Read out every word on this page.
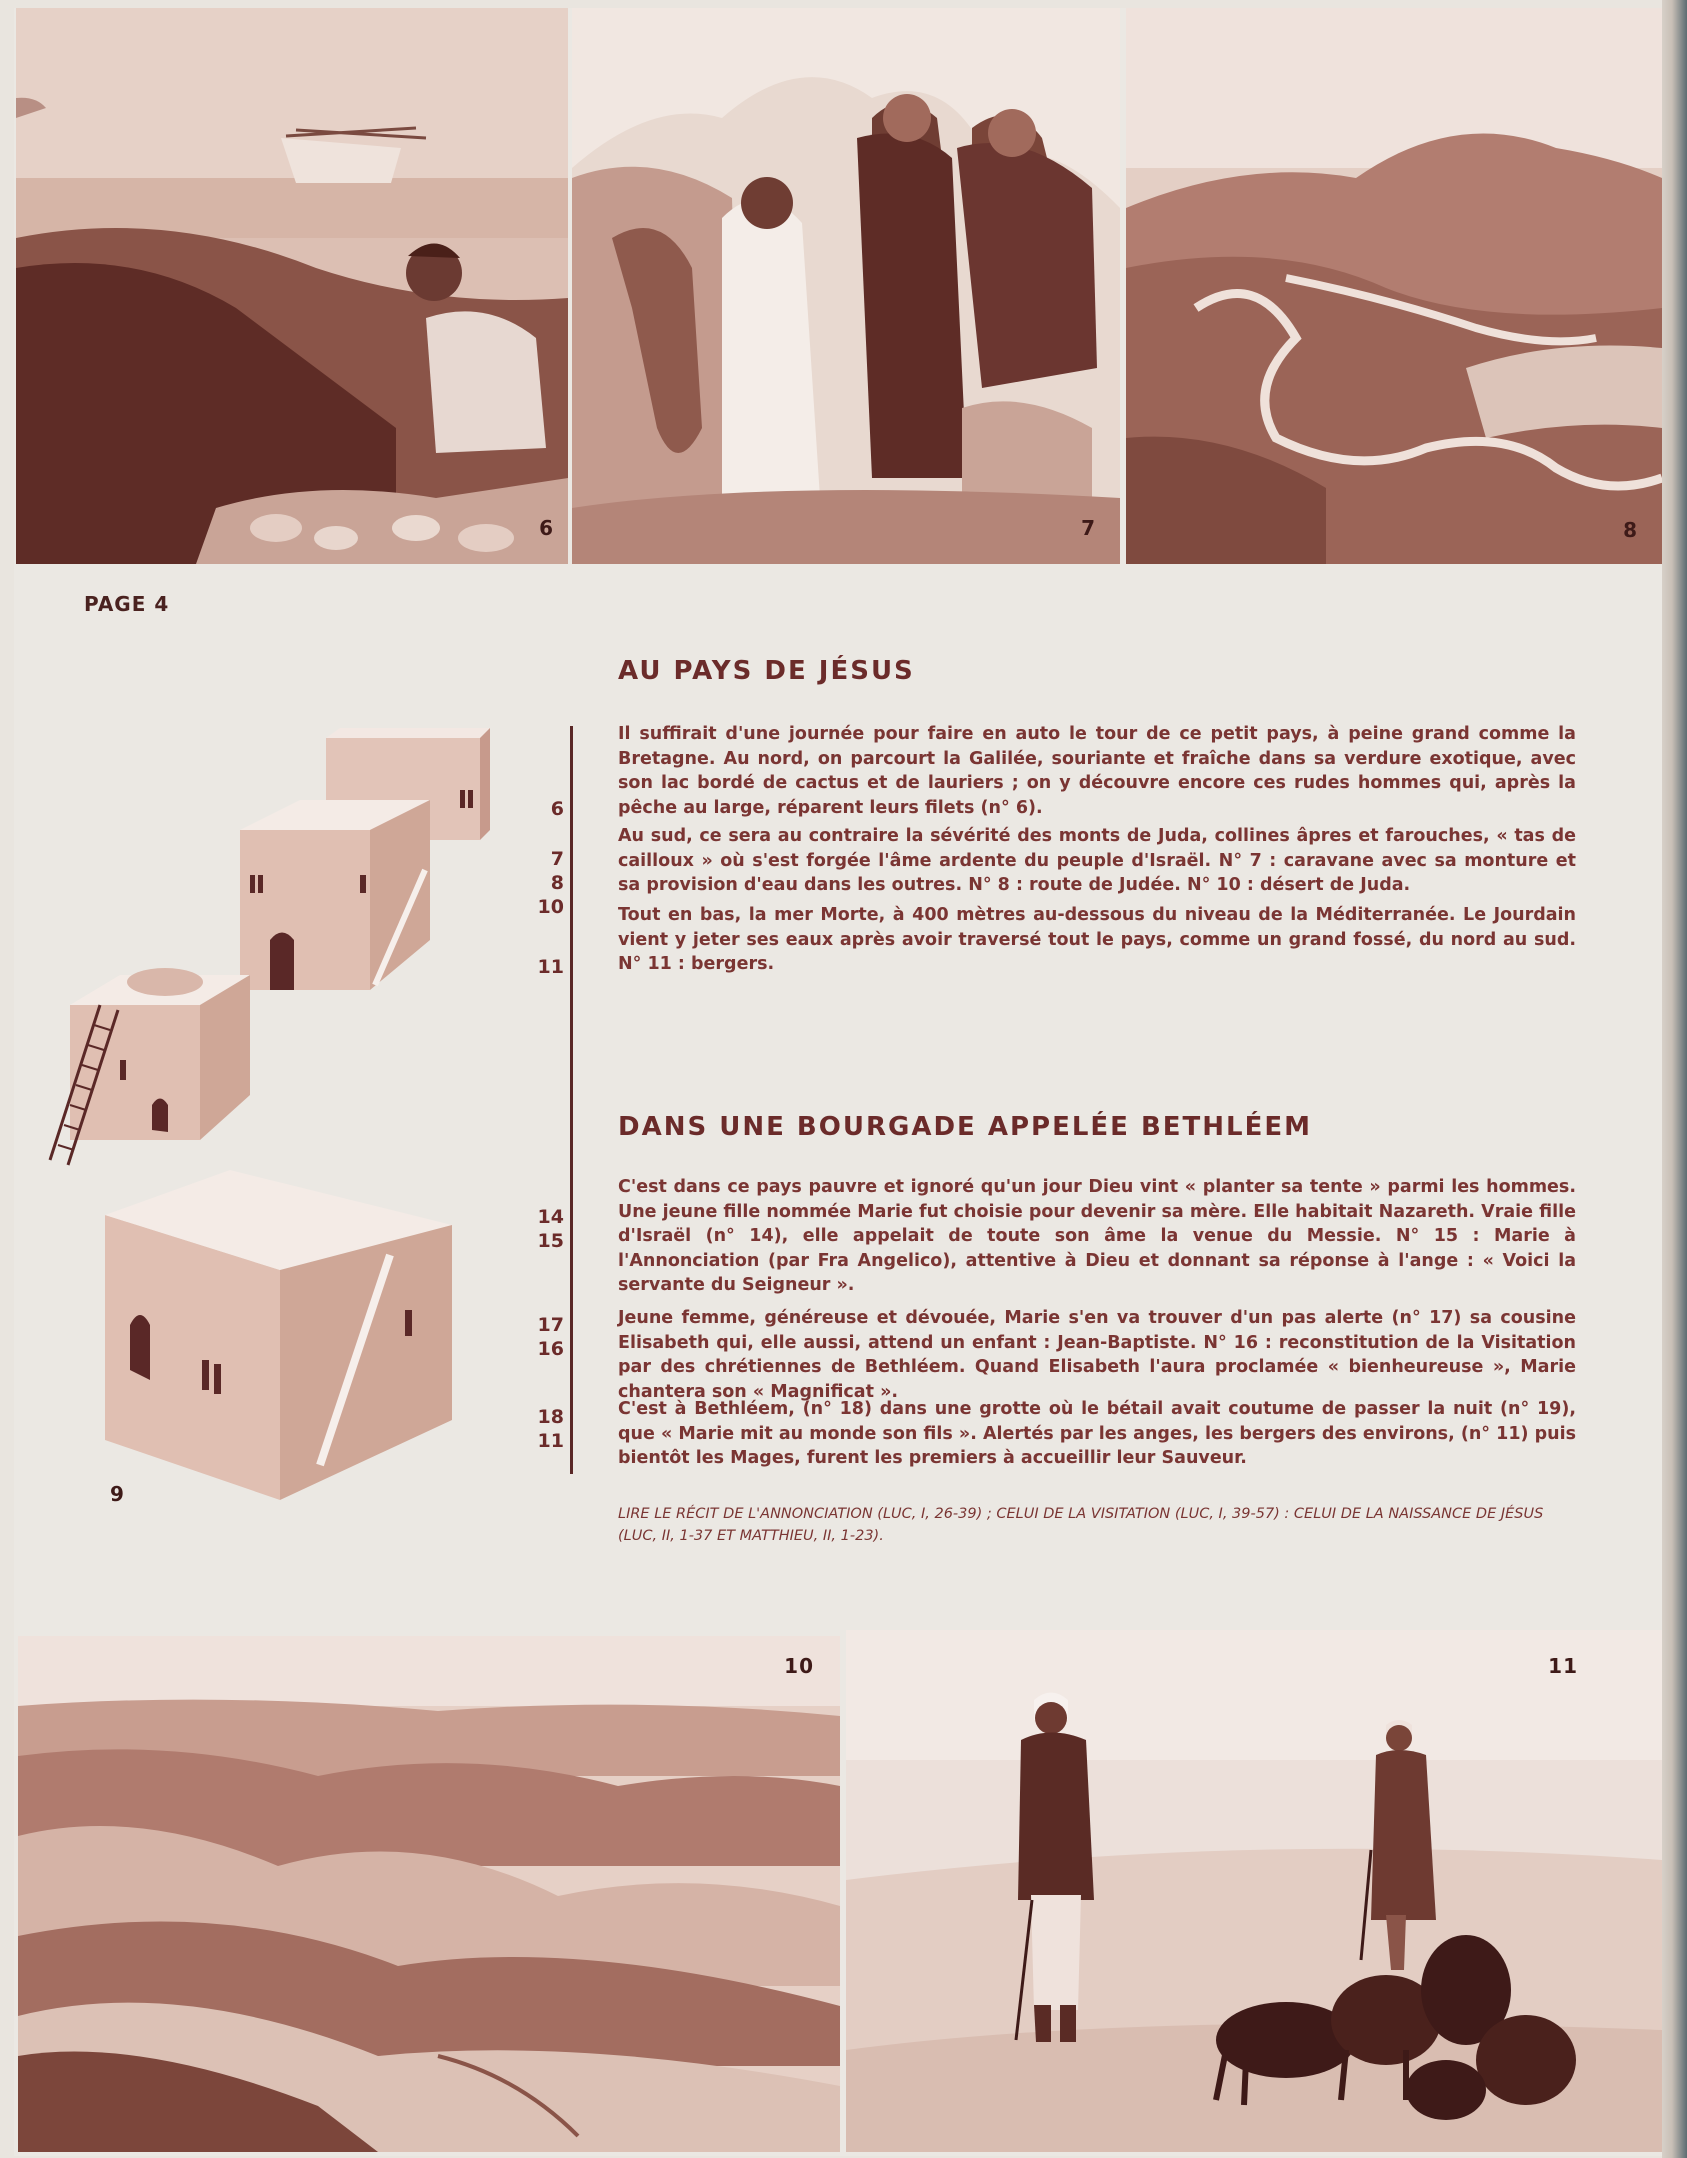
6	7	8
PAGE 4
9
AU PAYS DE JÉSUS
6
7
8
10
11

Il suffirait d'une journée pour faire en auto le tour de ce petit pays, à peine grand comme la Bretagne. Au nord, on parcourt la Galilée, souriante et fraîche dans sa verdure exotique, avec son lac bordé de cactus et de lauriers ; on y découvre encore ces rudes hommes qui, après la pêche au large, réparent leurs filets (n° 6).

Au sud, ce sera au contraire la sévérité des monts de Juda, collines âpres et farouches, « tas de cailloux » où s'est forgée l'âme ardente du peuple d'Israël. N° 7 : caravane avec sa monture et sa provision d'eau dans les outres. N° 8 : route de Judée. N° 10 : désert de Juda.

Tout en bas, la mer Morte, à 400 mètres au-dessous du niveau de la Méditerranée. Le Jourdain vient y jeter ses eaux après avoir traversé tout le pays, comme un grand fossé, du nord au sud. N° 11 : bergers.

DANS UNE BOURGADE APPELÉE BETHLÉEM
14
15
17
16
18
11

C'est dans ce pays pauvre et ignoré qu'un jour Dieu vint « planter sa tente » parmi les hommes. Une jeune fille nommée Marie fut choisie pour devenir sa mère. Elle habitait Nazareth. Vraie fille d'Israël (n° 14), elle appelait de toute son âme la venue du Messie. N° 15 : Marie à l'Annonciation (par Fra Angelico), attentive à Dieu et donnant sa réponse à l'ange : « Voici la servante du Seigneur ».

Jeune femme, généreuse et dévouée, Marie s'en va trouver d'un pas alerte (n° 17) sa cousine Elisabeth qui, elle aussi, attend un enfant : Jean-Baptiste. N° 16 : reconstitution de la Visitation par des chrétiennes de Bethléem. Quand Elisabeth l'aura proclamée « bienheureuse », Marie chantera son « Magnificat ».

C'est à Bethléem, (n° 18) dans une grotte où le bétail avait coutume de passer la nuit (n° 19), que « Marie mit au monde son fils ». Alertés par les anges, les bergers des environs, (n° 11) puis bientôt les Mages, furent les premiers à accueillir leur Sauveur.

LIRE LE RÉCIT DE L'ANNONCIATION (LUC, I, 26-39) ; CELUI DE LA VISITATION (LUC, I, 39-57) : CELUI DE LA NAISSANCE DE JÉSUS (LUC, II, 1-37 ET MATTHIEU, II, 1-23).

10	11
